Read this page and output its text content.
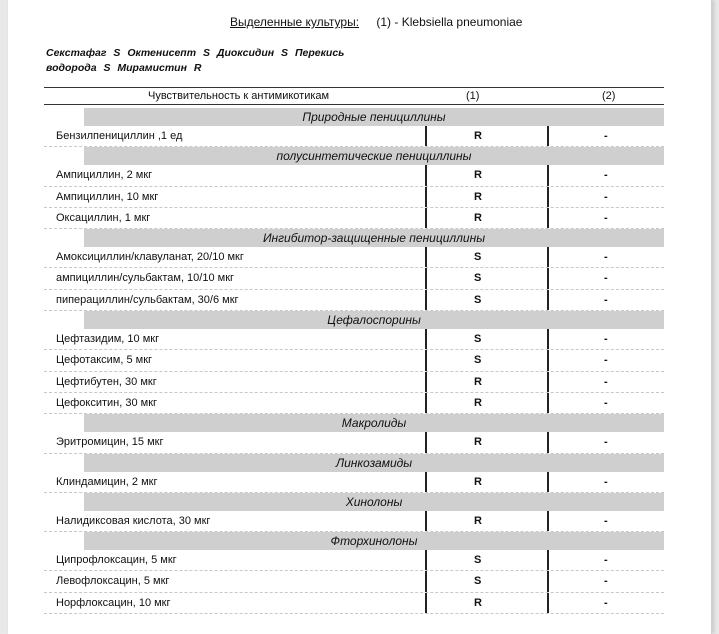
Выделенные культуры: (1) - Klebsiella pneumoniae
Секстафаг S Октенисепт S Диоксидин S Перекись водорода S Мирамистин R
Чувствительность к антимикотикам	(1)	(2)
Природные пенициллины
Бензилпенициллин ,1 ед	R	-
полусинтетические пенициллины
Ампициллин, 2 мкг	R	-
Ампициллин, 10 мкг	R	-
Оксациллин, 1 мкг	R	-
Ингибитор-защищенные пенициллины
Амоксициллин/клавуланат, 20/10 мкг	S	-
ампициллин/сульбактам, 10/10 мкг	S	-
пиперациллин/сульбактам, 30/6 мкг	S	-
Цефалоспорины
Цефтазидим, 10 мкг	S	-
Цефотаксим, 5 мкг	S	-
Цефтибутен, 30 мкг	R	-
Цефокситин, 30 мкг	R	-
Макролиды
Эритромицин, 15 мкг	R	-
Линкозамиды
Клиндамицин, 2 мкг	R	-
Хинолоны
Налидиксовая кислота, 30 мкг	R	-
Фторхинолоны
Ципрофлоксацин, 5 мкг	S	-
Левофлоксацин, 5 мкг	S	-
Норфлоксацин, 10 мкг	R	-
